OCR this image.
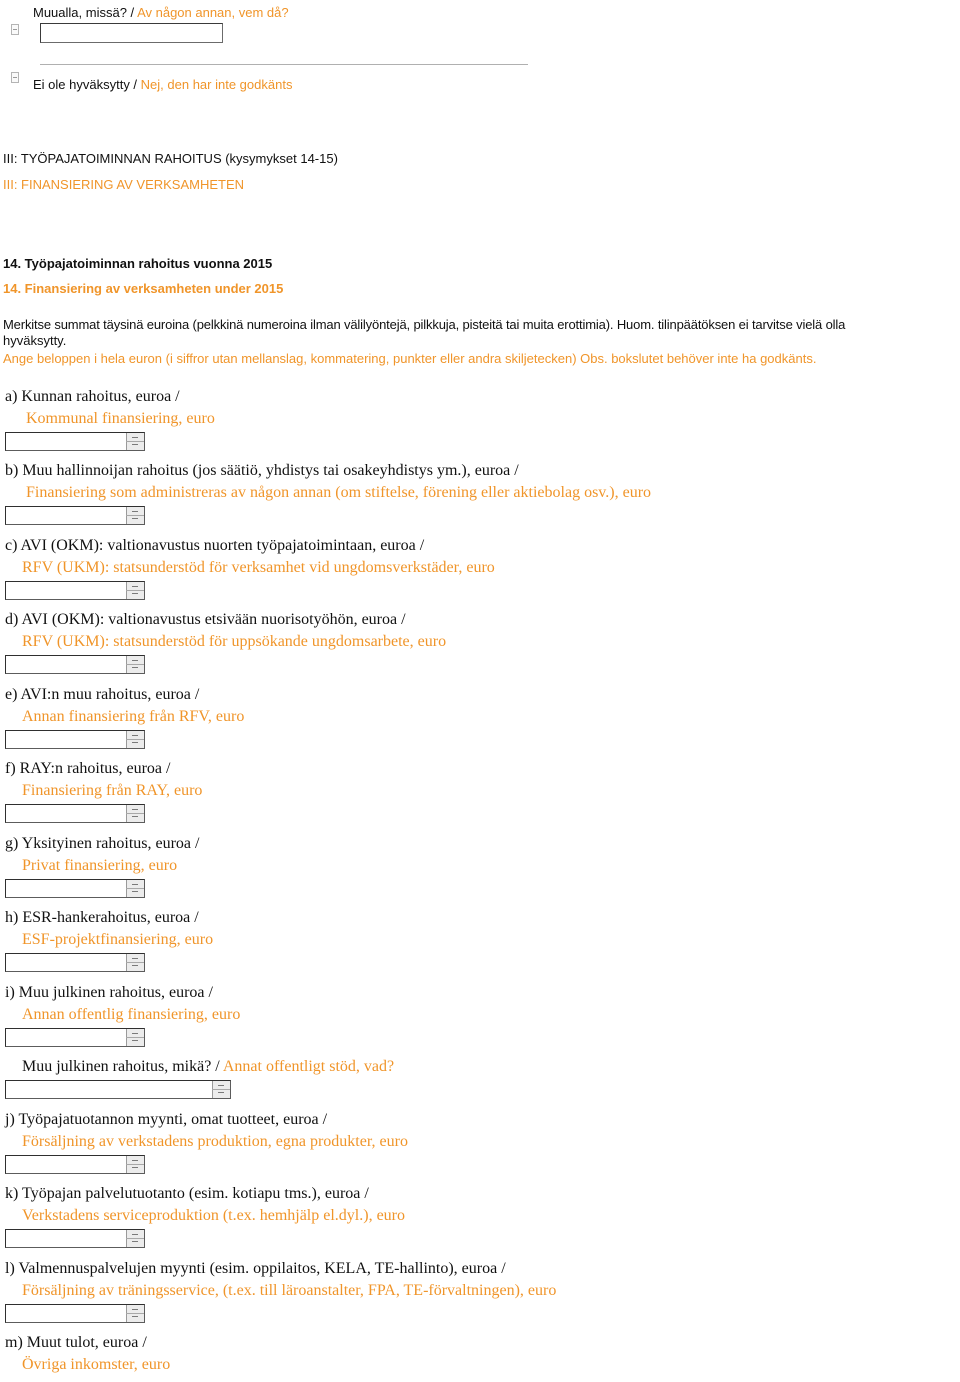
Muualla, missä? / Av någon annan, vem då?
Ei ole hyväksytty / Nej, den har inte godkänts
III: TYÖPAJATOIMINNAN RAHOITUS (kysymykset 14-15)
III: FINANSIERING AV VERKSAMHETEN
14. Työpajatoiminnan rahoitus vuonna 2015
14. Finansiering av verksamheten under 2015
Merkitse summat täysinä euroina (pelkkinä numeroina ilman välilyöntejä, pilkkuja, pisteitä tai muita erottimia). Huom. tilinpäätöksen ei tarvitse vielä olla
hyväksytty.
Ange beloppen i hela euron (i siffror utan mellanslag, kommatering, punkter eller andra skiljetecken) Obs. bokslutet behöver inte ha godkänts.
a) Kunnan rahoitus, euroa /
Kommunal finansiering, euro
b) Muu hallinnoijan rahoitus (jos säätiö, yhdistys tai osakeyhdistys ym.), euroa /
Finansiering som administreras av någon annan (om stiftelse, förening eller aktiebolag osv.), euro
c) AVI (OKM): valtionavustus nuorten työpajatoimintaan, euroa /
RFV (UKM): statsunderstöd för verksamhet vid ungdomsverkstäder, euro
d) AVI (OKM): valtionavustus etsivään nuorisotyöhön, euroa /
RFV (UKM): statsunderstöd för uppsökande ungdomsarbete, euro
e) AVI:n muu rahoitus, euroa /
Annan finansiering från RFV, euro
f) RAY:n rahoitus, euroa /
Finansiering från RAY, euro
g) Yksityinen rahoitus, euroa /
Privat finansiering, euro
h) ESR-hankerahoitus, euroa /
ESF-projektfinansiering, euro
i) Muu julkinen rahoitus, euroa /
Annan offentlig finansiering, euro
Muu julkinen rahoitus, mikä? / Annat offentligt stöd, vad?
j) Työpajatuotannon myynti, omat tuotteet, euroa /
Försäljning av verkstadens produktion, egna produkter, euro
k) Työpajan palvelutuotanto (esim. kotiapu tms.), euroa /
Verkstadens serviceproduktion (t.ex. hemhjälp el.dyl.), euro
l) Valmennuspalvelujen myynti (esim. oppilaitos, KELA, TE-hallinto), euroa /
Försäljning av träningsservice, (t.ex. till läroanstalter, FPA, TE-förvaltningen), euro
m) Muut tulot, euroa /
Övriga inkomster, euro
